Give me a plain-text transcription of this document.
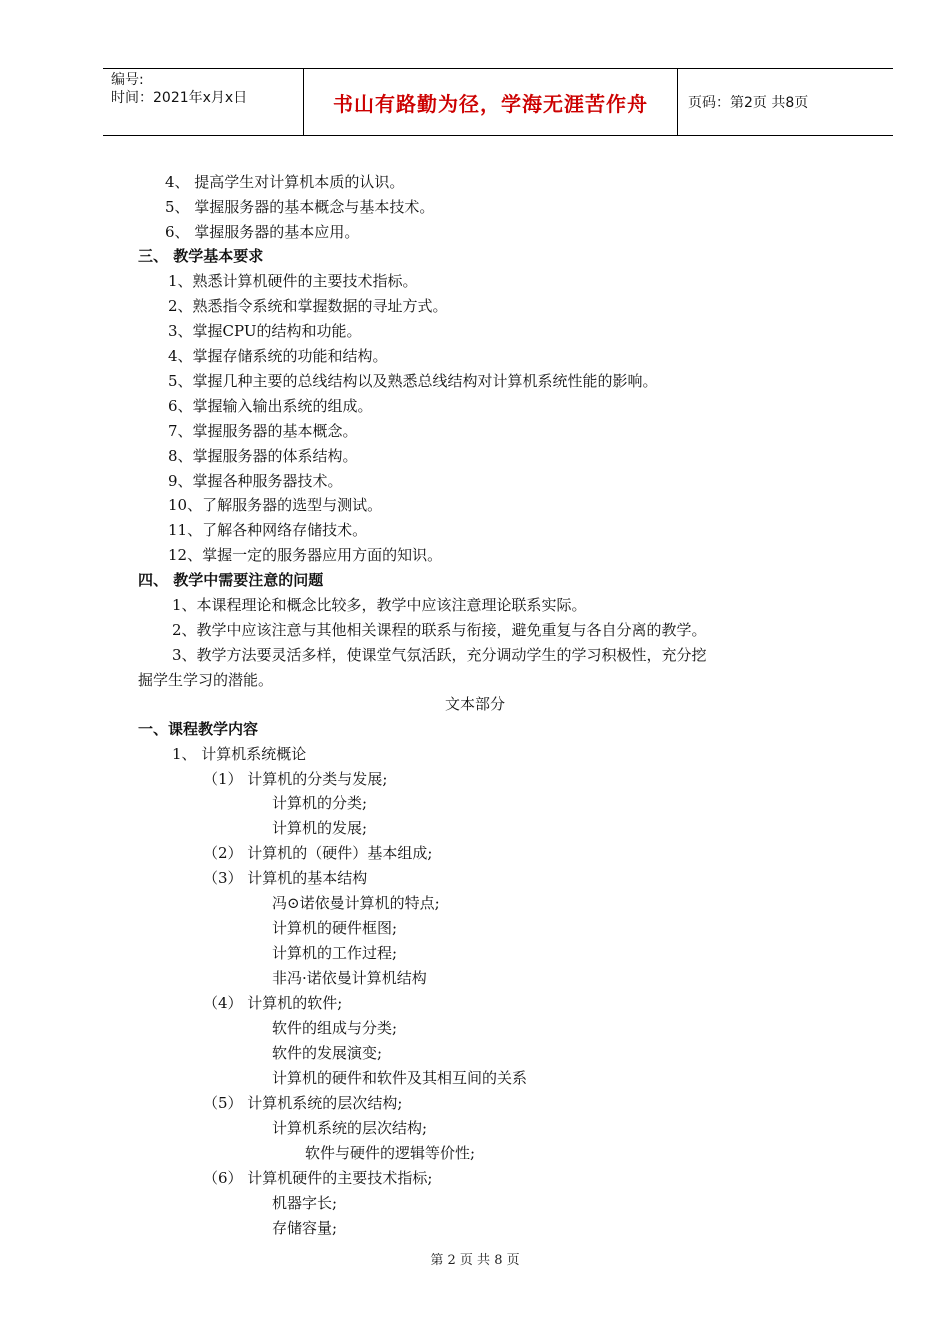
编号:
时间：2021年x月x日	书山有路勤为径，学海无涯苦作舟	页码：第2页 共8页
4、 提高学生对计算机本质的认识。
5、 掌握服务器的基本概念与基本技术。
6、 掌握服务器的基本应用。
三、 教学基本要求
1、熟悉计算机硬件的主要技术指标。
2、熟悉指令系统和掌握数据的寻址方式。
3、掌握CPU的结构和功能。
4、掌握存储系统的功能和结构。
5、掌握几种主要的总线结构以及熟悉总线结构对计算机系统性能的影响。
6、掌握输入输出系统的组成。
7、掌握服务器的基本概念。
8、掌握服务器的体系结构。
9、掌握各种服务器技术。
10、了解服务器的选型与测试。
11、了解各种网络存储技术。
12、掌握一定的服务器应用方面的知识。
四、 教学中需要注意的问题
1、本课程理论和概念比较多，教学中应该注意理论联系实际。
2、教学中应该注意与其他相关课程的联系与衔接，避免重复与各自分离的教学。
3、教学方法要灵活多样，使课堂气氛活跃，充分调动学生的学习积极性，充分挖
掘学生学习的潜能。
文本部分
一、课程教学内容
1、 计算机系统概论
（1） 计算机的分类与发展;
计算机的分类;
计算机的发展;
（2） 计算机的（硬件）基本组成;
（3） 计算机的基本结构
冯⊙诺依曼计算机的特点;
计算机的硬件框图;
计算机的工作过程;
非冯·诺依曼计算机结构
（4） 计算机的软件;
软件的组成与分类;
软件的发展演变;
计算机的硬件和软件及其相互间的关系
（5） 计算机系统的层次结构;
计算机系统的层次结构;
软件与硬件的逻辑等价性;
（6） 计算机硬件的主要技术指标;
机器字长;
存储容量;
第 2 页 共 8 页
